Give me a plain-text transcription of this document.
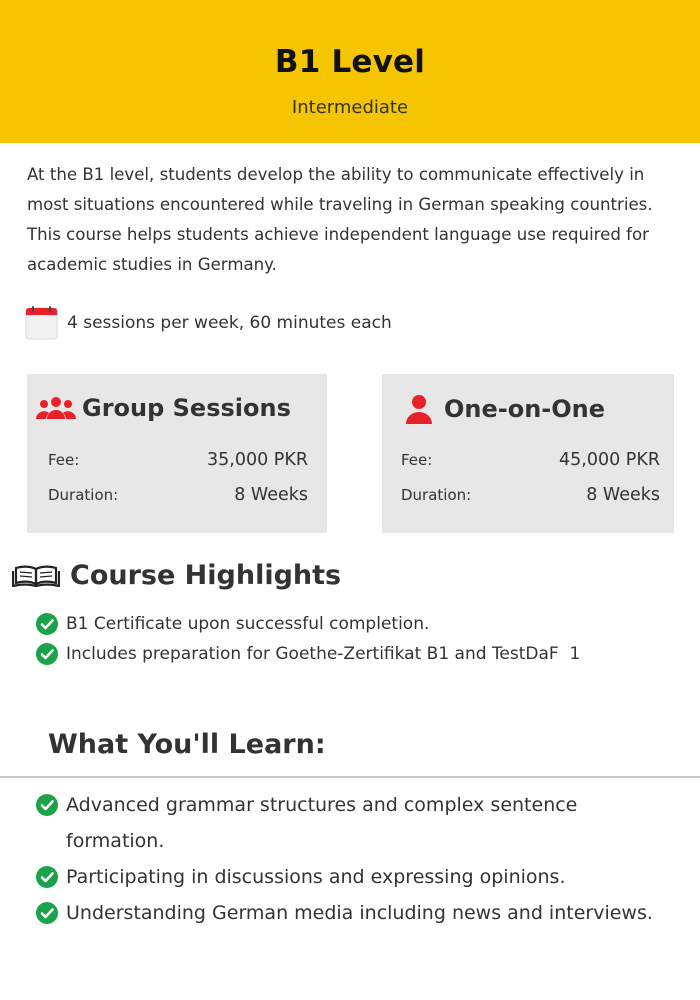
B1 Level
Intermediate

At the B1 level, students develop the ability to communicate effectively in most situations encountered while traveling in German speaking countries. This course helps students achieve independent language use required for academic studies in Germany.

4 sessions per week, 60 minutes each
Group Sessions
Fee:	35,000 PKR
Duration:	8 Weeks
One-on-One
Fee:	45,000 PKR
Duration:	8 Weeks
Course Highlights
B1 Certificate upon successful completion.
Includes preparation for Goethe-Zertifikat B1 and TestDaF  1
What You'll Learn:
Advanced grammar structures and complex sentence formation.
Participating in discussions and expressing opinions.
Understanding German media including news and interviews.
